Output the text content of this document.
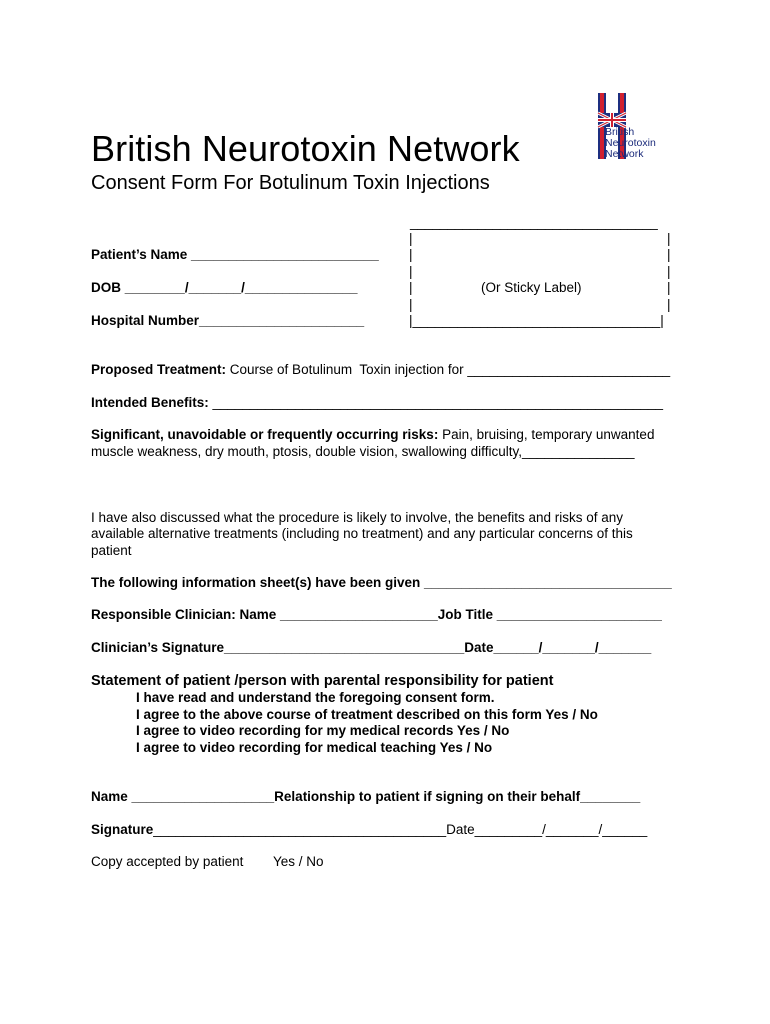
British
Neurotoxin
Network
British Neurotoxin Network
Consent Form For Botulinum Toxin Injections
Patient’s Name _________________________
DOB ________/_______/_______________
Hospital Number______________________
_________________________________
|	|
|	|
|	|
|	(Or Sticky Label)	|
|	|
|_________________________________|
Proposed Treatment: Course of Botulinum  Toxin injection for ___________________________
Intended Benefits: ____________________________________________________________
Significant, unavoidable or frequently occurring risks: Pain, bruising, temporary unwanted
muscle weakness, dry mouth, ptosis, double vision, swallowing difficulty,_______________
I have also discussed what the procedure is likely to involve, the benefits and risks of any
available alternative treatments (including no treatment) and any particular concerns of this
patient
The following information sheet(s) have been given _________________________________
Responsible Clinician: Name _____________________Job Title ______________________
Clinician’s Signature________________________________Date______/_______/_______
Statement of patient /person with parental responsibility for patient
I have read and understand the foregoing consent form.
I agree to the above course of treatment described on this form Yes / No
I agree to video recording for my medical records Yes / No
I agree to video recording for medical teaching Yes / No
Name ___________________Relationship to patient if signing on their behalf________
Signature_______________________________________Date_________/_______/______
Copy accepted by patient Yes / No
